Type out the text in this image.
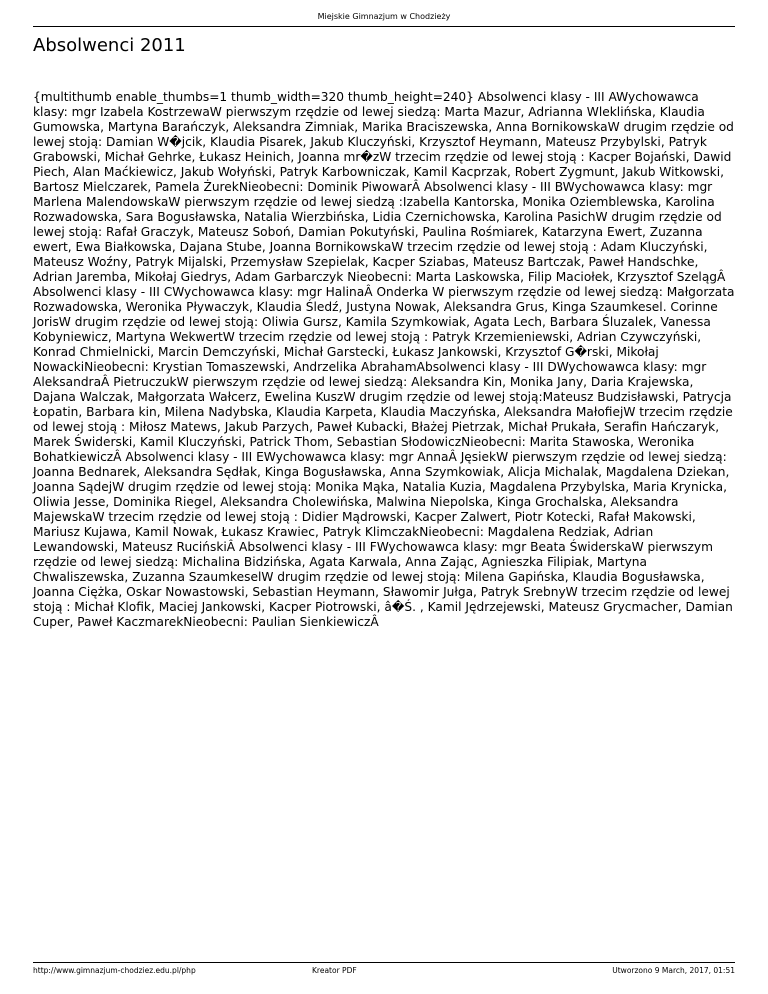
Miejskie Gimnazjum w Chodzieży
Absolwenci 2011

{multithumb enable_thumbs=1 thumb_width=320 thumb_height=240} Absolwenci klasy - III AWychowawca klasy: mgr Izabela KostrzewaW pierwszym rzędzie od lewej siedzą: Marta Mazur, Adrianna Wleklińska, Klaudia Gumowska, Martyna Barańczyk, Aleksandra Zimniak, Marika Braciszewska, Anna BornikowskaW drugim rzędzie od lewej stoją: Damian W�jcik, Klaudia Pisarek, Jakub Kluczyński, Krzysztof Heymann, Mateusz Przybylski, Patryk Grabowski, Michał Gehrke, Łukasz Heinich, Joanna mr�zW trzecim rzędzie od lewej stoją : Kacper Bojański, Dawid Piech, Alan Maćkiewicz, Jakub Wołyński, Patryk Karbowniczak, Kamil Kacprzak, Robert Zygmunt, Jakub Witkowski, Bartosz Mielczarek, Pamela ŻurekNieobecni: Dominik PiwowarÂ Absolwenci klasy - III BWychowawca klasy: mgr Marlena MalendowskaW pierwszym rzędzie od lewej siedzą :Izabella Kantorska, Monika Oziemblewska, Karolina Rozwadowska, Sara Bogusławska, Natalia Wierzbińska, Lidia Czernichowska, Karolina PasichW drugim rzędzie od lewej stoją: Rafał Graczyk, Mateusz Soboń, Damian Pokutyński, Paulina Rośmiarek, Katarzyna Ewert, Zuzanna ewert, Ewa Białkowska, Dajana Stube, Joanna BornikowskaW trzecim rzędzie od lewej stoją : Adam Kluczyński, Mateusz Woźny, Patryk Mijalski, Przemysław Szepielak, Kacper Sziabas, Mateusz Bartczak, Paweł Handschke, Adrian Jaremba, Mikołaj Giedrys, Adam Garbarczyk Nieobecni: Marta Laskowska, Filip Maciołek, Krzysztof SzelągÂ Absolwenci klasy - III CWychowawca klasy: mgr HalinaÂ Onderka W pierwszym rzędzie od lewej siedzą: Małgorzata Rozwadowska, Weronika Pływaczyk, Klaudia Śledź, Justyna Nowak, Aleksandra Grus, Kinga Szaumkesel. Corinne JorisW drugim rzędzie od lewej stoją: Oliwia Gursz, Kamila Szymkowiak, Agata Lech, Barbara Śluzalek, Vanessa Kobyniewicz, Martyna WekwertW trzecim rzędzie od lewej stoją : Patryk Krzemieniewski, Adrian Czywczyński, Konrad Chmielnicki, Marcin Demczyński, Michał Garstecki, Łukasz Jankowski, Krzysztof G�rski, Mikołaj NowackiNieobecni: Krystian Tomaszewski, Andrzelika AbrahamAbsolwenci klasy - III DWychowawca klasy: mgr AleksandraÂ PietruczukW pierwszym rzędzie od lewej siedzą: Aleksandra Kin, Monika Jany, Daria Krajewska, Dajana Walczak, Małgorzata Wałcerz, Ewelina KuszW drugim rzędzie od lewej stoją:Mateusz Budzisławski, Patrycja Łopatin, Barbara kin, Milena Nadybska, Klaudia Karpeta, Klaudia Maczyńska, Aleksandra MałofiejW trzecim rzędzie od lewej stoją : Miłosz Matews, Jakub Parzych, Paweł Kubacki, Błażej Pietrzak, Michał Prukała, Serafin Hańczaryk, Marek Świderski, Kamil Kluczyński, Patrick Thom, Sebastian SłodowiczNieobecni: Marita Stawoska, Weronika BohatkiewiczÂ Absolwenci klasy - III EWychowawca klasy: mgr AnnaÂ JęsiekW pierwszym rzędzie od lewej siedzą: Joanna Bednarek, Aleksandra Sędłak, Kinga Bogusławska, Anna Szymkowiak, Alicja Michalak, Magdalena Dziekan, Joanna SądejW drugim rzędzie od lewej stoją: Monika Mąka, Natalia Kuzia, Magdalena Przybylska, Maria Krynicka, Oliwia Jesse, Dominika Riegel, Aleksandra Cholewińska, Malwina Niepolska, Kinga Grochalska, Aleksandra MajewskaW trzecim rzędzie od lewej stoją : Didier Mądrowski, Kacper Zalwert, Piotr Kotecki, Rafał Makowski, Mariusz Kujawa, Kamil Nowak, Łukasz Krawiec, Patryk KlimczakNieobecni: Magdalena Redziak, Adrian Lewandowski, Mateusz RucińskiÂ Absolwenci klasy - III FWychowawca klasy: mgr Beata ŚwiderskaW pierwszym rzędzie od lewej siedzą: Michalina Bidzińska, Agata Karwala, Anna Zając, Agnieszka Filipiak, Martyna Chwaliszewska, Zuzanna SzaumkeselW drugim rzędzie od lewej stoją: Milena Gapińska, Klaudia Bogusławska, Joanna Ciężka, Oskar Nowastowski, Sebastian Heymann, Sławomir Jułga, Patryk SrebnyW trzecim rzędzie od lewej stoją : Michał Klofik, Maciej Jankowski, Kacper Piotrowski, â�Ś. , Kamil Jędrzejewski, Mateusz Grycmacher, Damian Cuper, Paweł KaczmarekNieobecni: Paulian SienkiewiczÂ

http://www.gimnazjum-chodziez.edu.pl/php	Kreator PDF	Utworzono 9 March, 2017, 01:51
